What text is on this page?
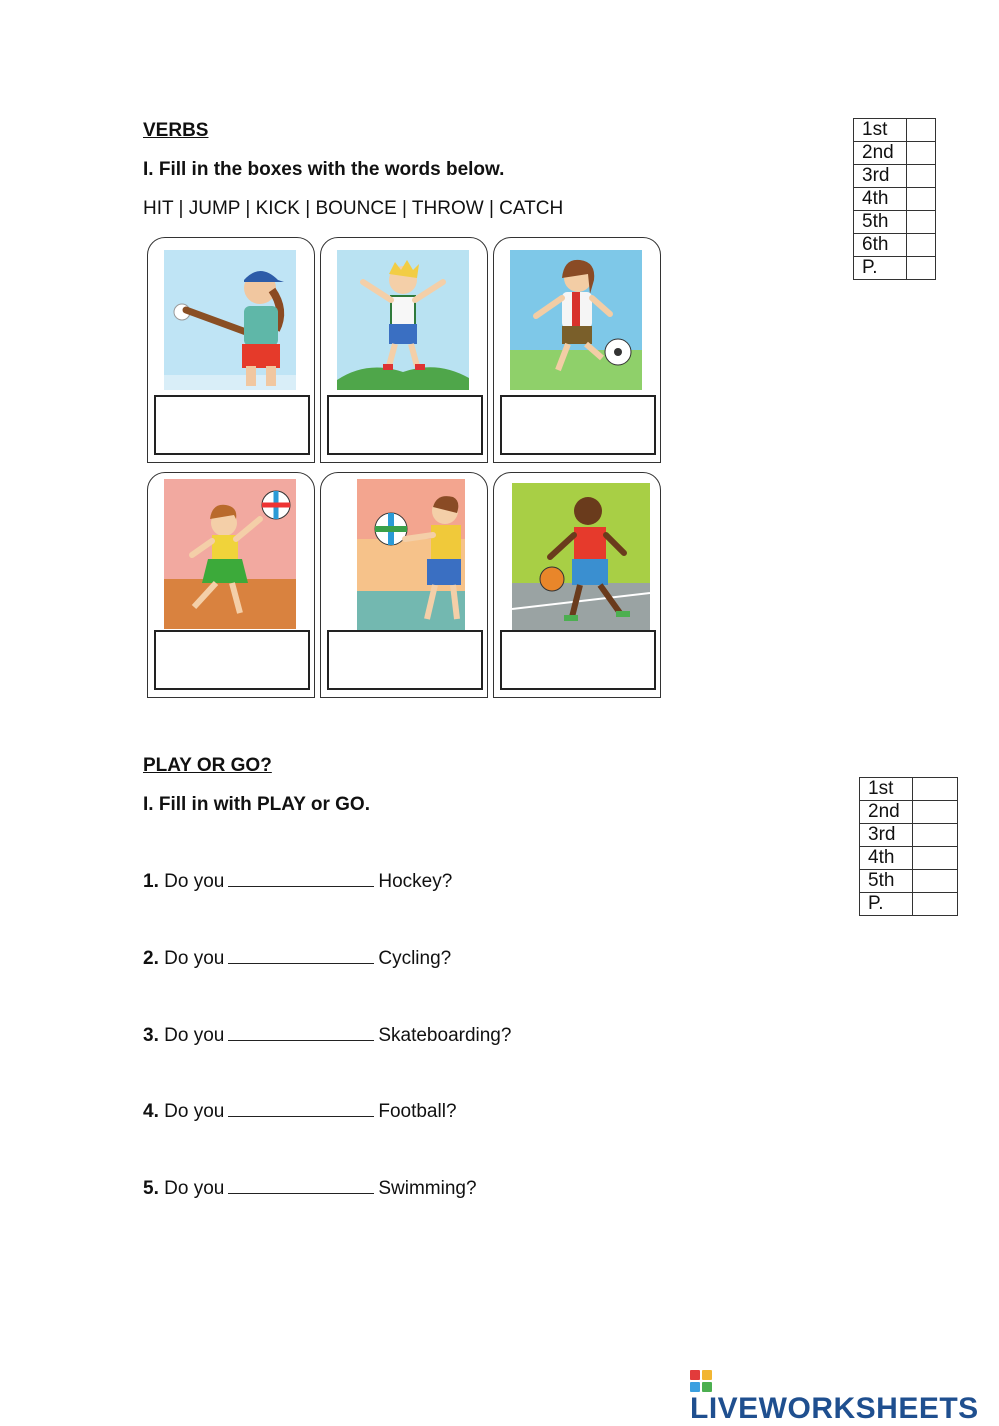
VERBS
I. Fill in the boxes with the words below.
HIT | JUMP | KICK | BOUNCE | THROW | CATCH
1st	
2nd	
3rd	
4th	
5th	
6th	
P.	
PLAY OR GO?
I. Fill in with PLAY or GO.
1st	
2nd	
3rd	
4th	
5th	
P.	
1. Do you	Hockey?
2. Do you	Cycling?
3. Do you	Skateboarding?
4. Do you	Football?
5. Do you	Swimming?
LIVEWORKSHEETS
